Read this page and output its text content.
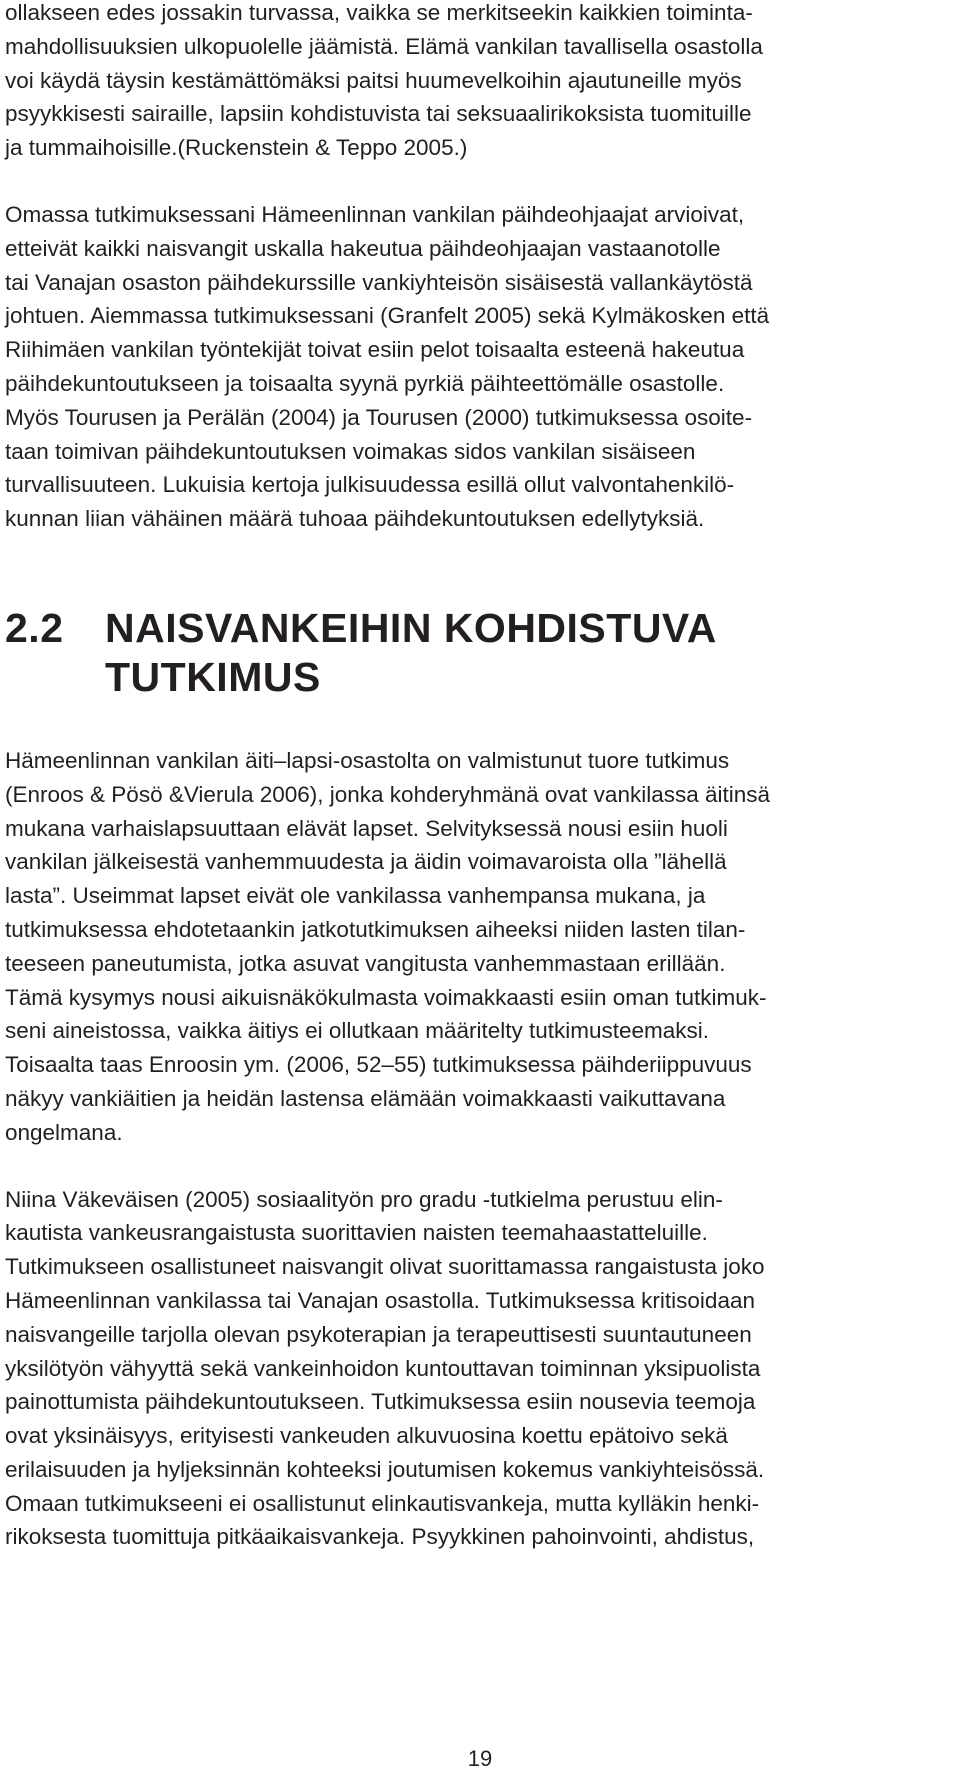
ollakseen edes jossakin turvassa, vaikka se merkitseekin kaikkien toiminta-
mahdollisuuksien ulkopuolelle jäämistä. Elämä vankilan tavallisella osastolla
voi käydä täysin kestämättömäksi paitsi huumevelkoihin ajautuneille myös
psyykkisesti sairaille, lapsiin kohdistuvista tai seksuaalirikoksista tuomituille
ja tummaihoisille.(Ruckenstein & Teppo 2005.)
Omassa tutkimuksessani Hämeenlinnan vankilan päihdeohjaajat arvioivat,
etteivät kaikki naisvangit uskalla hakeutua päihdeohjaajan vastaanotolle
tai Vanajan osaston päihdekurssille vankiyhteisön sisäisestä vallankäytöstä
johtuen. Aiemmassa tutkimuksessani (Granfelt 2005) sekä Kylmäkosken että
Riihimäen vankilan työntekijät toivat esiin pelot toisaalta esteenä hakeutua
päihdekuntoutukseen ja toisaalta syynä pyrkiä päihteettömälle osastolle.
Myös Tourusen ja Perälän (2004) ja Tourusen (2000) tutkimuksessa osoite-
taan toimivan päihdekuntoutuksen voimakas sidos vankilan sisäiseen
turvallisuuteen. Lukuisia kertoja julkisuudessa esillä ollut valvontahenkilö-
kunnan liian vähäinen määrä tuhoaa päihdekuntoutuksen edellytyksiä.
2.2	NAISVANKEIHIN KOHDISTUVA
TUTKIMUS
Hämeenlinnan vankilan äiti–lapsi-osastolta on valmistunut tuore tutkimus
(Enroos & Pösö &Vierula 2006), jonka kohderyhmänä ovat vankilassa äitinsä
mukana varhaislapsuuttaan elävät lapset. Selvityksessä nousi esiin huoli
vankilan jälkeisestä vanhemmuudesta ja äidin voimavaroista olla ”lähellä
lasta”. Useimmat lapset eivät ole vankilassa vanhempansa mukana, ja
tutkimuksessa ehdotetaankin jatkotutkimuksen aiheeksi niiden lasten tilan-
teeseen paneutumista, jotka asuvat vangitusta vanhemmastaan erillään.
Tämä kysymys nousi aikuisnäkökulmasta voimakkaasti esiin oman tutkimuk-
seni aineistossa, vaikka äitiys ei ollutkaan määritelty tutkimusteemaksi.
Toisaalta taas Enroosin ym. (2006, 52–55) tutkimuksessa päihderiippuvuus
näkyy vankiäitien ja heidän lastensa elämään voimakkaasti vaikuttavana
ongelmana.
Niina Väkeväisen (2005) sosiaalityön pro gradu -tutkielma perustuu elin-
kautista vankeusrangaistusta suorittavien naisten teemahaastatteluille.
Tutkimukseen osallistuneet naisvangit olivat suorittamassa rangaistusta joko
Hämeenlinnan vankilassa tai Vanajan osastolla. Tutkimuksessa kritisoidaan
naisvangeille tarjolla olevan psykoterapian ja terapeuttisesti suuntautuneen
yksilötyön vähyyttä sekä vankeinhoidon kuntouttavan toiminnan yksipuolista
painottumista päihdekuntoutukseen. Tutkimuksessa esiin nousevia teemoja
ovat yksinäisyys, erityisesti vankeuden alkuvuosina koettu epätoivo sekä
erilaisuuden ja hyljeksinnän kohteeksi joutumisen kokemus vankiyhteisössä.
Omaan tutkimukseeni ei osallistunut elinkautisvankeja, mutta kylläkin henki-
rikoksesta tuomittuja pitkäaikaisvankeja. Psyykkinen pahoinvointi, ahdistus,
19
